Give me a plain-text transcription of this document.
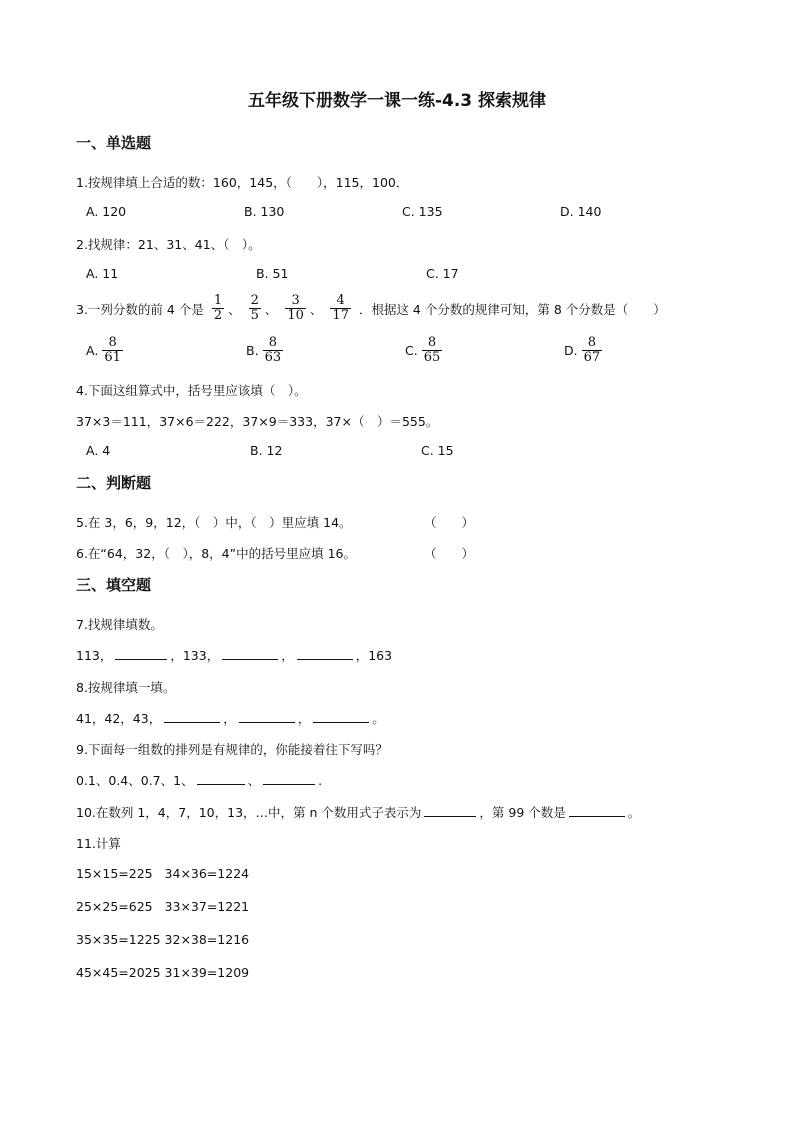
五年级下册数学一课一练-4.3 探索规律
一、单选题
1.按规律填上合适的数：160，145，（　　），115，100．
A. 120	B. 130	C. 135	D. 140
2.找规律：21、31、41、（　）。
A. 11	B. 51	C. 17
3.一列分数的前 4 个是 $\frac{1}{2}$ 、 $\frac{2}{5}$ 、 $\frac{3}{10}$ 、 $\frac{4}{17}$ ．根据这 4 个分数的规律可知，第 8 个分数是（　　）
A. $\frac{8}{61}$	B. $\frac{8}{63}$	C. $\frac{8}{65}$	D. $\frac{8}{67}$
4.下面这组算式中，括号里应该填（　）。
37×3＝111，37×6＝222，37×9＝333，37×（　）＝555。
A. 4	B. 12	C. 15
二、判断题
5.在 3，6，9，12，（　）中，（　）里应填 14。	（　　）
6.在“64，32，（　），8，4”中的括号里应填 16。	（　　）
三、填空题
7.找规律填数。
113，	，133，	，	，163
8.按规律填一填。
41，42，43，	，	，	。
9.下面每一组数的排列是有规律的，你能接着往下写吗？
0.1、0.4、0.7、1、	、	.
10.在数列 1，4，7，10，13，…中，第 n 个数用式子表示为	，第 99 个数是	。
11.计算
15×15=225   34×36=1224
25×25=625   33×37=1221
35×35=1225 32×38=1216
45×45=2025 31×39=1209
